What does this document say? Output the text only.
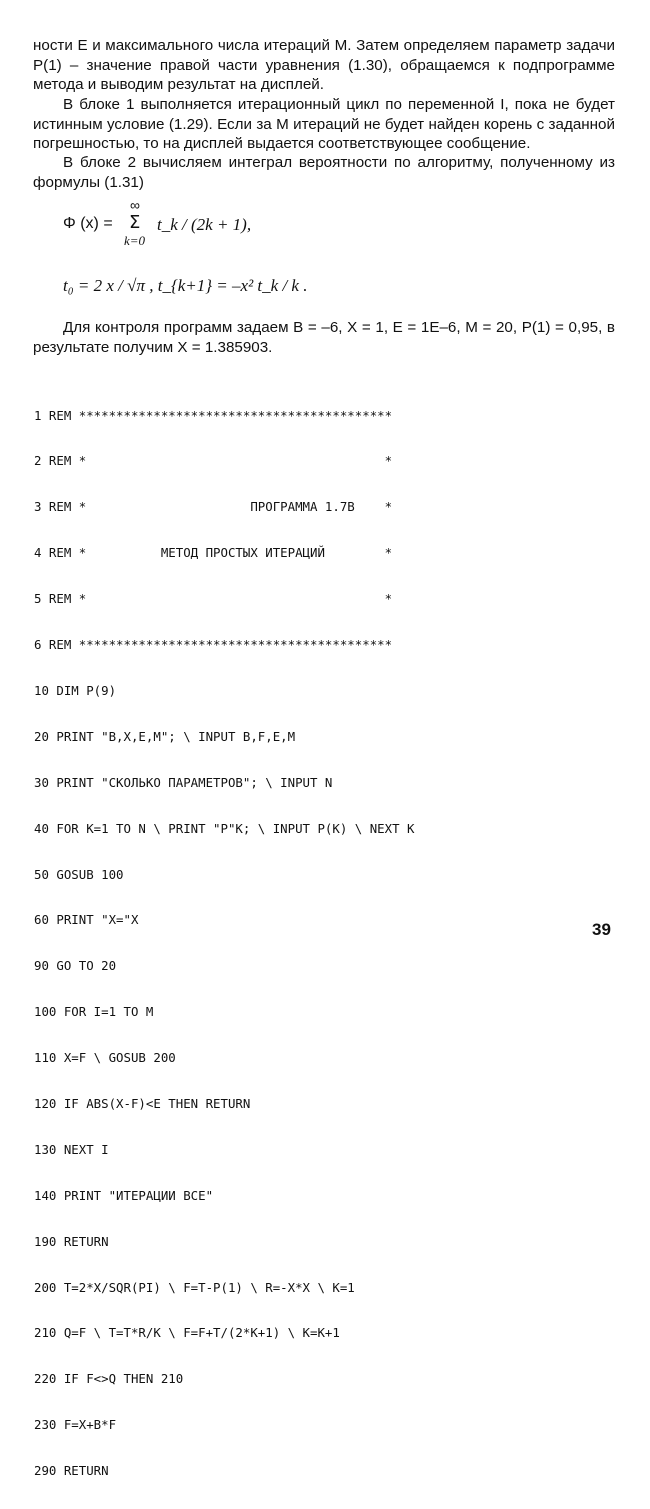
ности Е и максимального числа итераций М. Затем определяем параметр задачи Р(1) – значение правой части уравнения (1.30), обращаемся к подпрограмме метода и выводим результат на дисплей.

В блоке 1 выполняется итерационный цикл по переменной I, пока не будет истинным условие (1.29). Если за М итераций не будет найден корень с заданной погрешностью, то на дисплей выдается соответствующее сообщение.

В блоке 2 вычисляем интеграл вероятности по алгоритму, полученному из формулы (1.31)

Φ (x) =
∞
Σ
k=0
t_k / (2k + 1),
t₀ = 2 x / √π , t_{k+1} = –x² t_k / k .

Для контроля программ задаем В = –6, Х = 1, Е = 1Е–6, М = 20, Р(1) = 0,95, в результате получим Х = 1.385903.

1 REM ******************************************

2 REM *                                        *

3 REM *                      ПРОГРАММА 1.7В    *

4 REM *          МЕТОД ПРОСТЫХ ИТЕРАЦИЙ        *

5 REM *                                        *

6 REM ******************************************

10 DIM P(9)

20 PRINT "B,X,E,M"; \ INPUT B,F,E,M

30 PRINT "СКОЛЬКО ПАРАМЕТРОВ"; \ INPUT N

40 FOR K=1 TO N \ PRINT "P"K; \ INPUT P(K) \ NEXT K

50 GOSUB 100

60 PRINT "X="X

90 GO TO 20

100 FOR I=1 TO M

110 X=F \ GOSUB 200

120 IF ABS(X-F)<E THEN RETURN

130 NEXT I

140 PRINT "ИТЕРАЦИИ ВСЕ"

190 RETURN

200 T=2*X/SQR(PI) \ F=T-P(1) \ R=-X*X \ K=1

210 Q=F \ T=T*R/K \ F=F+T/(2*K+1) \ K=K+1

220 IF F<>Q THEN 210

230 F=X+B*F

290 RETURN

39
